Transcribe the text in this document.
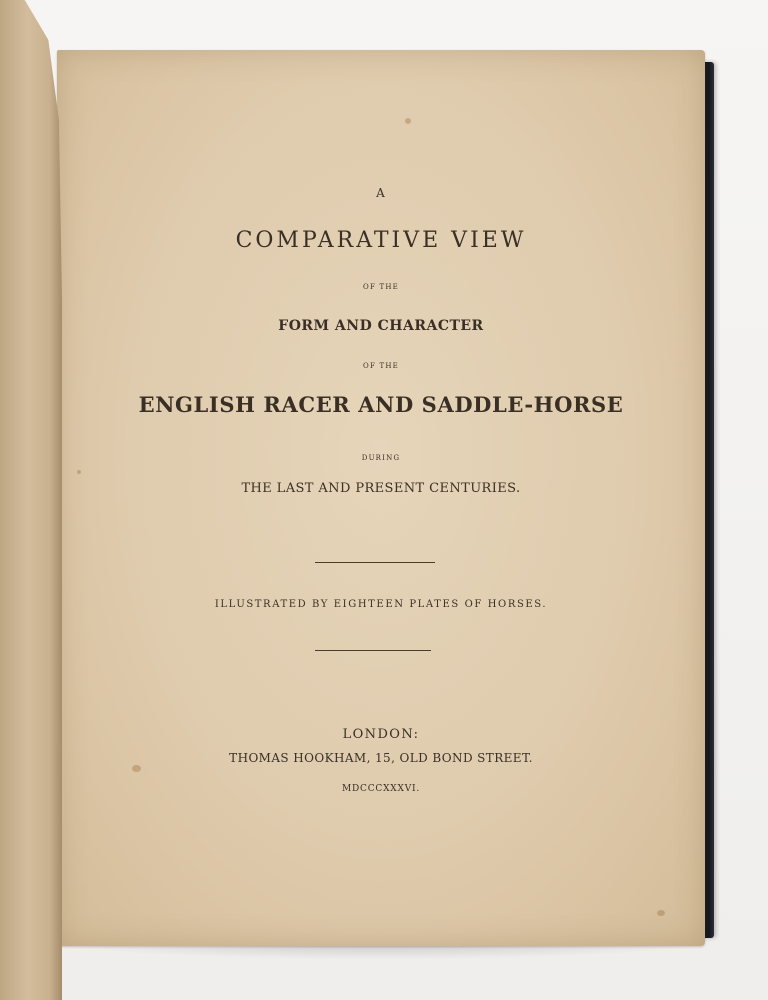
A
COMPARATIVE VIEW
OF THE
FORM AND CHARACTER
OF THE
ENGLISH RACER AND SADDLE-HORSE
DURING
THE LAST AND PRESENT CENTURIES.
ILLUSTRATED BY EIGHTEEN PLATES OF HORSES.
LONDON:
THOMAS HOOKHAM, 15, OLD BOND STREET.
MDCCCXXXVI.
